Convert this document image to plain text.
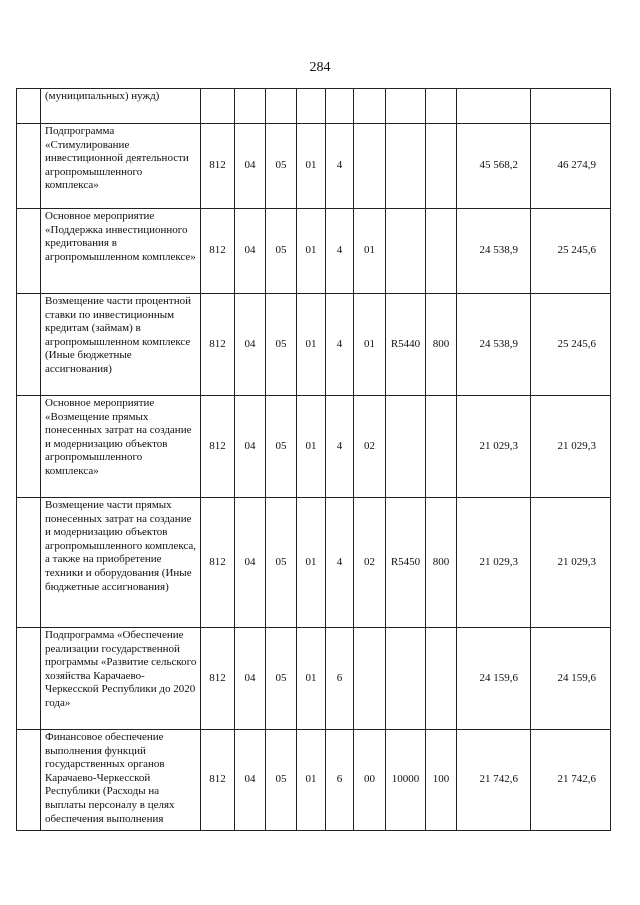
284
	(муниципальных) нужд)										
	Подпрограмма «Стимулирование инвестиционной деятельности агропромышленного комплекса»	812	04	05	01	4				45 568,2	46 274,9
	Основное мероприятие «Поддержка инвестиционного кредитования в агропромышленном комплексе»	812	04	05	01	4	01			24 538,9	25 245,6
	Возмещение части процентной ставки по инвестиционным кредитам (займам) в агропромышленном комплексе (Иные бюджетные ассигнования)	812	04	05	01	4	01	R5440	800	24 538,9	25 245,6
	Основное мероприятие «Возмещение прямых понесенных затрат на создание и модернизацию объектов агропромышленного комплекса»	812	04	05	01	4	02			21 029,3	21 029,3
	Возмещение части прямых понесенных затрат на создание и модернизацию объектов агропромышленного комплекса, а также на приобретение техники и оборудования (Иные бюджетные ассигнования)	812	04	05	01	4	02	R5450	800	21 029,3	21 029,3
	Подпрограмма «Обеспечение реализации государственной программы «Развитие сельского хозяйства Карачаево-Черкесской Республики до 2020 года»	812	04	05	01	6				24 159,6	24 159,6
	Финансовое обеспечение выполнения функций государственных органов Карачаево-Черкесской Республики (Расходы на выплаты персоналу в целях обеспечения выполнения	812	04	05	01	6	00	10000	100	21 742,6	21 742,6
